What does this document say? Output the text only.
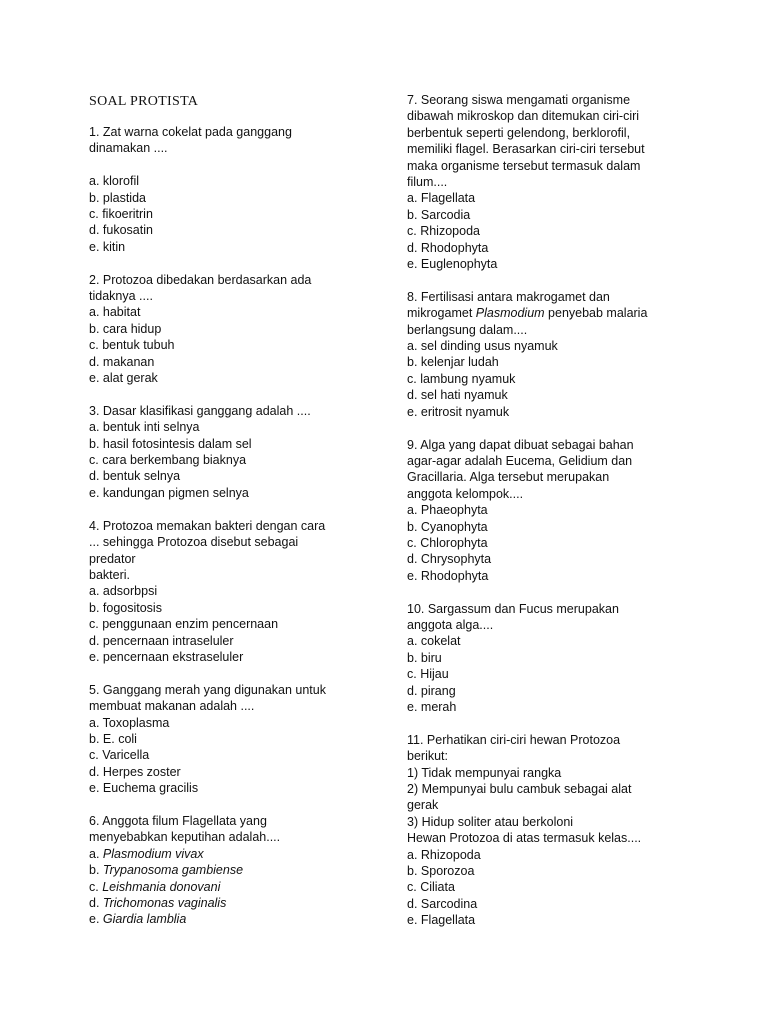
SOAL PROTISTA
1. Zat warna cokelat pada ganggang
dinamakan ....
a. klorofil
b. plastida
c. fikoeritrin
d. fukosatin
e. kitin
2. Protozoa dibedakan berdasarkan ada
tidaknya ....
a. habitat
b. cara hidup
c. bentuk tubuh
d. makanan
e. alat gerak
3. Dasar klasifikasi ganggang adalah ....
a. bentuk inti selnya
b. hasil fotosintesis dalam sel
c. cara berkembang biaknya
d. bentuk selnya
e. kandungan pigmen selnya
4. Protozoa memakan bakteri dengan cara
... sehingga Protozoa disebut sebagai
predator
bakteri.
a. adsorbpsi
b. fogositosis
c. penggunaan enzim pencernaan
d. pencernaan intraseluler
e. pencernaan ekstraseluler
5. Ganggang merah yang digunakan untuk
membuat makanan adalah ....
a. Toxoplasma
b. E. coli
c. Varicella
d. Herpes zoster
e. Euchema gracilis
6. Anggota filum Flagellata yang
menyebabkan keputihan adalah....
a. Plasmodium vivax
b. Trypanosoma gambiense
c. Leishmania donovani
d. Trichomonas vaginalis
e. Giardia lamblia
7. Seorang siswa mengamati organisme
dibawah mikroskop dan ditemukan ciri-ciri
berbentuk seperti gelendong, berklorofil,
memiliki flagel. Berasarkan ciri-ciri tersebut
maka organisme tersebut termasuk dalam
filum....
a. Flagellata
b. Sarcodia
c. Rhizopoda
d. Rhodophyta
e. Euglenophyta
8. Fertilisasi antara makrogamet dan
mikrogamet Plasmodium penyebab malaria
berlangsung dalam....
a. sel dinding usus nyamuk
b. kelenjar ludah
c. lambung nyamuk
d. sel hati nyamuk
e. eritrosit nyamuk
9. Alga yang dapat dibuat sebagai bahan
agar-agar adalah Eucema, Gelidium dan
Gracillaria. Alga tersebut merupakan
anggota kelompok....
a. Phaeophyta
b. Cyanophyta
c. Chlorophyta
d. Chrysophyta
e. Rhodophyta
10. Sargassum dan Fucus merupakan
anggota alga....
a. cokelat
b. biru
c. Hijau
d. pirang
e. merah
11. Perhatikan ciri-ciri hewan Protozoa
berikut:
1) Tidak mempunyai rangka
2) Mempunyai bulu cambuk sebagai alat
gerak
3) Hidup soliter atau berkoloni
Hewan Protozoa di atas termasuk kelas....
a. Rhizopoda
b. Sporozoa
c. Ciliata
d. Sarcodina
e. Flagellata
